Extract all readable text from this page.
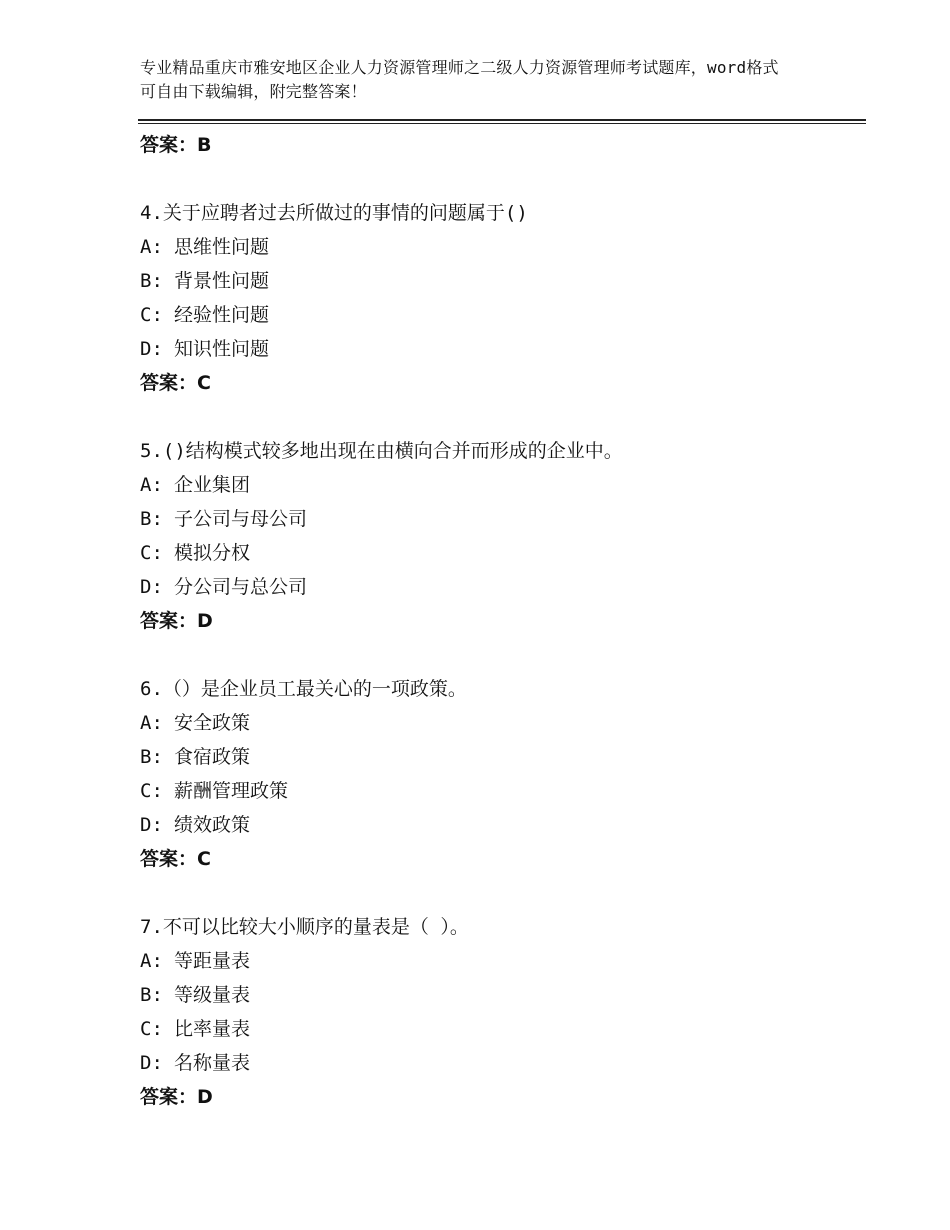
专业精品重庆市雅安地区企业人力资源管理师之二级人力资源管理师考试题库，word格式可自由下载编辑，附完整答案！
答案：B
4.关于应聘者过去所做过的事情的问题属于()
A: 思维性问题
B: 背景性问题
C: 经验性问题
D: 知识性问题
答案：C
5.()结构模式较多地出现在由横向合并而形成的企业中。
A: 企业集团
B: 子公司与母公司
C: 模拟分权
D: 分公司与总公司
答案：D
6.（）是企业员工最关心的一项政策。
A: 安全政策
B: 食宿政策
C: 薪酬管理政策
D: 绩效政策
答案：C
7.不可以比较大小顺序的量表是（ ）。
A: 等距量表
B: 等级量表
C: 比率量表
D: 名称量表
答案：D
